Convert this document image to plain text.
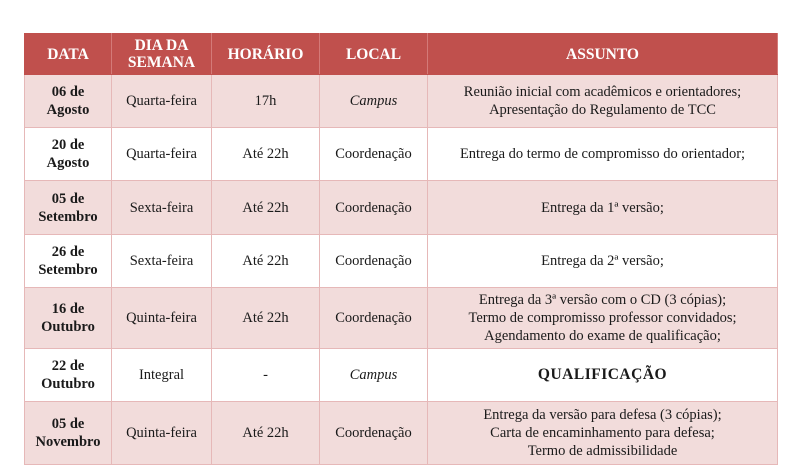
DATA	DIA DA
SEMANA	HORÁRIO	LOCAL	ASSUNTO

06 de
Agosto	Quarta-feira	17h	Campus	Reunião inicial com acadêmicos e orientadores;
Apresentação do Regulamento de TCC

20 de
Agosto	Quarta-feira	Até 22h	Coordenação	Entrega do termo de compromisso do orientador;

05 de
Setembro	Sexta-feira	Até 22h	Coordenação	Entrega da 1ª versão;

26 de
Setembro	Sexta-feira	Até 22h	Coordenação	Entrega da 2ª versão;

16 de
Outubro	Quinta-feira	Até 22h	Coordenação	Entrega da 3ª versão com o CD (3 cópias);
Termo de compromisso professor convidados;
Agendamento do exame de qualificação;

22 de
Outubro	Integral	-	Campus	QUALIFICAÇÃO

05 de
Novembro	Quinta-feira	Até 22h	Coordenação	Entrega da versão para defesa (3 cópias);
Carta de encaminhamento para defesa;
Termo de admissibilidade
